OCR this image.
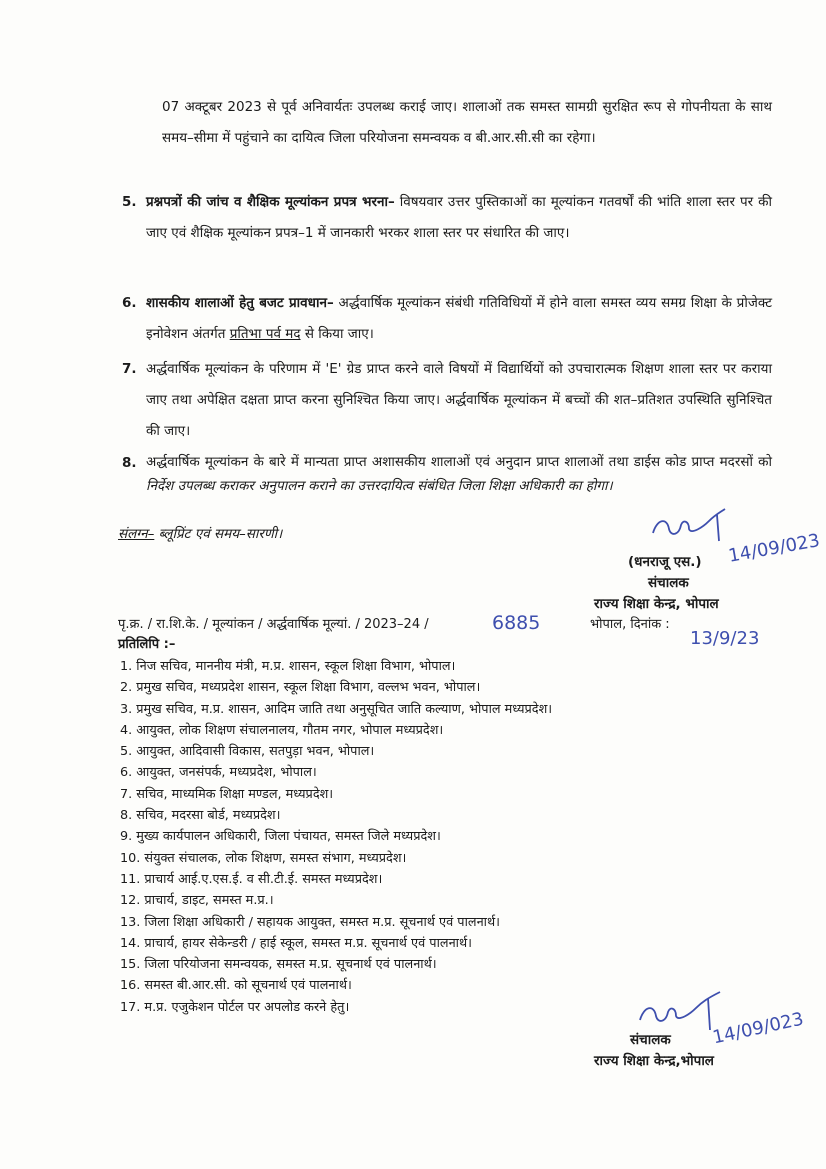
07 अक्टूबर 2023 से पूर्व अनिवार्यतः उपलब्ध कराई जाए। शालाओं तक समस्त सामग्री सुरक्षित रूप से गोपनीयता के साथ समय–सीमा में पहुंचाने का दायित्व जिला परियोजना समन्वयक व बी.आर.सी.सी का रहेगा।
5. प्रश्नपत्रों की जांच व शैक्षिक मूल्यांकन प्रपत्र भरना– विषयवार उत्तर पुस्तिकाओं का मूल्यांकन गतवर्षों की भांति शाला स्तर पर की जाए एवं शैक्षिक मूल्यांकन प्रपत्र–1 में जानकारी भरकर शाला स्तर पर संधारित की जाए।
6. शासकीय शालाओं हेतु बजट प्रावधान– अर्द्धवार्षिक मूल्यांकन संबंधी गतिविधियों में होने वाला समस्त व्यय समग्र शिक्षा के प्रोजेक्ट इनोवेशन अंतर्गत प्रतिभा पर्व मद से किया जाए।
7. अर्द्धवार्षिक मूल्यांकन के परिणाम में 'E' ग्रेड प्राप्त करने वाले विषयों में विद्यार्थियों को उपचारात्मक शिक्षण शाला स्तर पर कराया जाए तथा अपेक्षित दक्षता प्राप्त करना सुनिश्चित किया जाए। अर्द्धवार्षिक मूल्यांकन में बच्चों की शत–प्रतिशत उपस्थिति सुनिश्चित की जाए।
8. अर्द्धवार्षिक मूल्यांकन के बारे में मान्यता प्राप्त अशासकीय शालाओं एवं अनुदान प्राप्त शालाओं तथा डाईस कोड प्राप्त मदरसों को निर्देश उपलब्ध कराकर अनुपालन कराने का उत्तरदायित्व संबंधित जिला शिक्षा अधिकारी का होगा।
संलग्न– ब्लूप्रिंट एवं समय–सारणी।	14/09/023
(धनराजू एस.)
संचालक
राज्य शिक्षा केन्द्र, भोपाल
पृ.क्र. / रा.शि.के. / मूल्यांकन / अर्द्धवार्षिक मूल्यां. / 2023–24 /	6885	भोपाल, दिनांक :
13/9/23
प्रतिलिपि :–
1. निज सचिव, माननीय मंत्री, म.प्र. शासन, स्कूल शिक्षा विभाग, भोपाल।
2. प्रमुख सचिव, मध्यप्रदेश शासन, स्कूल शिक्षा विभाग, वल्लभ भवन, भोपाल।
3. प्रमुख सचिव, म.प्र. शासन, आदिम जाति तथा अनुसूचित जाति कल्याण, भोपाल मध्यप्रदेश।
4. आयुक्त, लोक शिक्षण संचालनालय, गौतम नगर, भोपाल मध्यप्रदेश।
5. आयुक्त, आदिवासी विकास, सतपुड़ा भवन, भोपाल।
6. आयुक्त, जनसंपर्क, मध्यप्रदेश, भोपाल।
7. सचिव, माध्यमिक शिक्षा मण्डल, मध्यप्रदेश।
8. सचिव, मदरसा बोर्ड, मध्यप्रदेश।
9. मुख्य कार्यपालन अधिकारी, जिला पंचायत, समस्त जिले मध्यप्रदेश।
10. संयुक्त संचालक, लोक शिक्षण, समस्त संभाग, मध्यप्रदेश।
11. प्राचार्य आई.ए.एस.ई. व सी.टी.ई. समस्त मध्यप्रदेश।
12. प्राचार्य, डाइट, समस्त म.प्र.।
13. जिला शिक्षा अधिकारी / सहायक आयुक्त, समस्त म.प्र. सूचनार्थ एवं पालनार्थ।
14. प्राचार्य, हायर सेकेन्डरी / हाई स्कूल, समस्त म.प्र. सूचनार्थ एवं पालनार्थ।
15. जिला परियोजना समन्वयक, समस्त म.प्र. सूचनार्थ एवं पालनार्थ।
16. समस्त बी.आर.सी. को सूचनार्थ एवं पालनार्थ।
17. म.प्र. एजुकेशन पोर्टल पर अपलोड करने हेतु।
14/09/023
संचालक
राज्य शिक्षा केन्द्र,भोपाल
